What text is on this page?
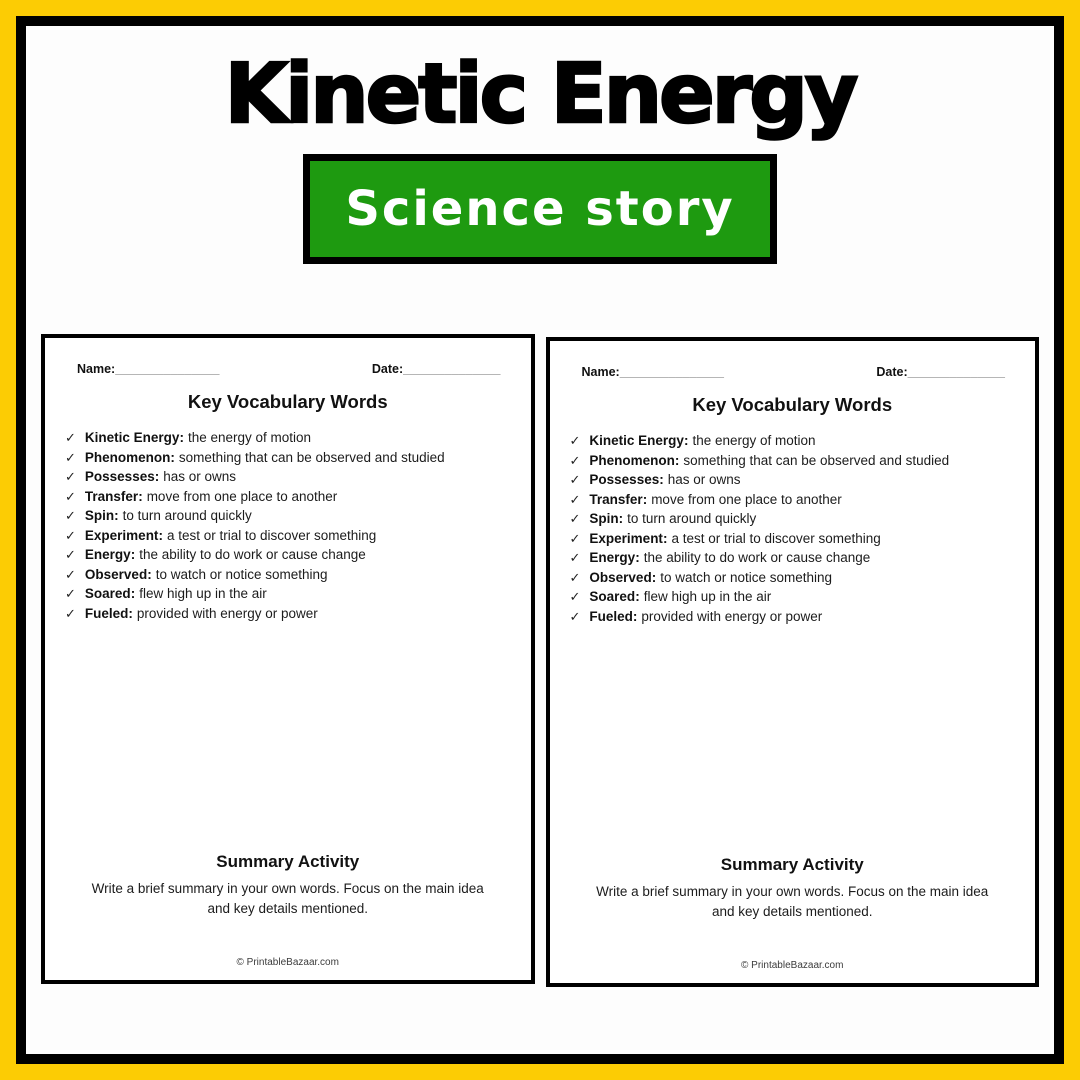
Kinetic Energy
Science story
Name:_______________	Date:______________
Key Vocabulary Words
✓ Kinetic Energy: the energy of motion
✓ Phenomenon: something that can be observed and studied
✓ Possesses: has or owns
✓ Transfer: move from one place to another
✓ Spin: to turn around quickly
✓ Experiment: a test or trial to discover something
✓ Energy: the ability to do work or cause change
✓ Observed: to watch or notice something
✓ Soared: flew high up in the air
✓ Fueled: provided with energy or power
Summary Activity

Write a brief summary in your own words. Focus on the main idea and key details mentioned.

© PrintableBazaar.com
Name:_______________	Date:______________
Key Vocabulary Words
✓ Kinetic Energy: the energy of motion
✓ Phenomenon: something that can be observed and studied
✓ Possesses: has or owns
✓ Transfer: move from one place to another
✓ Spin: to turn around quickly
✓ Experiment: a test or trial to discover something
✓ Energy: the ability to do work or cause change
✓ Observed: to watch or notice something
✓ Soared: flew high up in the air
✓ Fueled: provided with energy or power
Summary Activity

Write a brief summary in your own words. Focus on the main idea and key details mentioned.

© PrintableBazaar.com
